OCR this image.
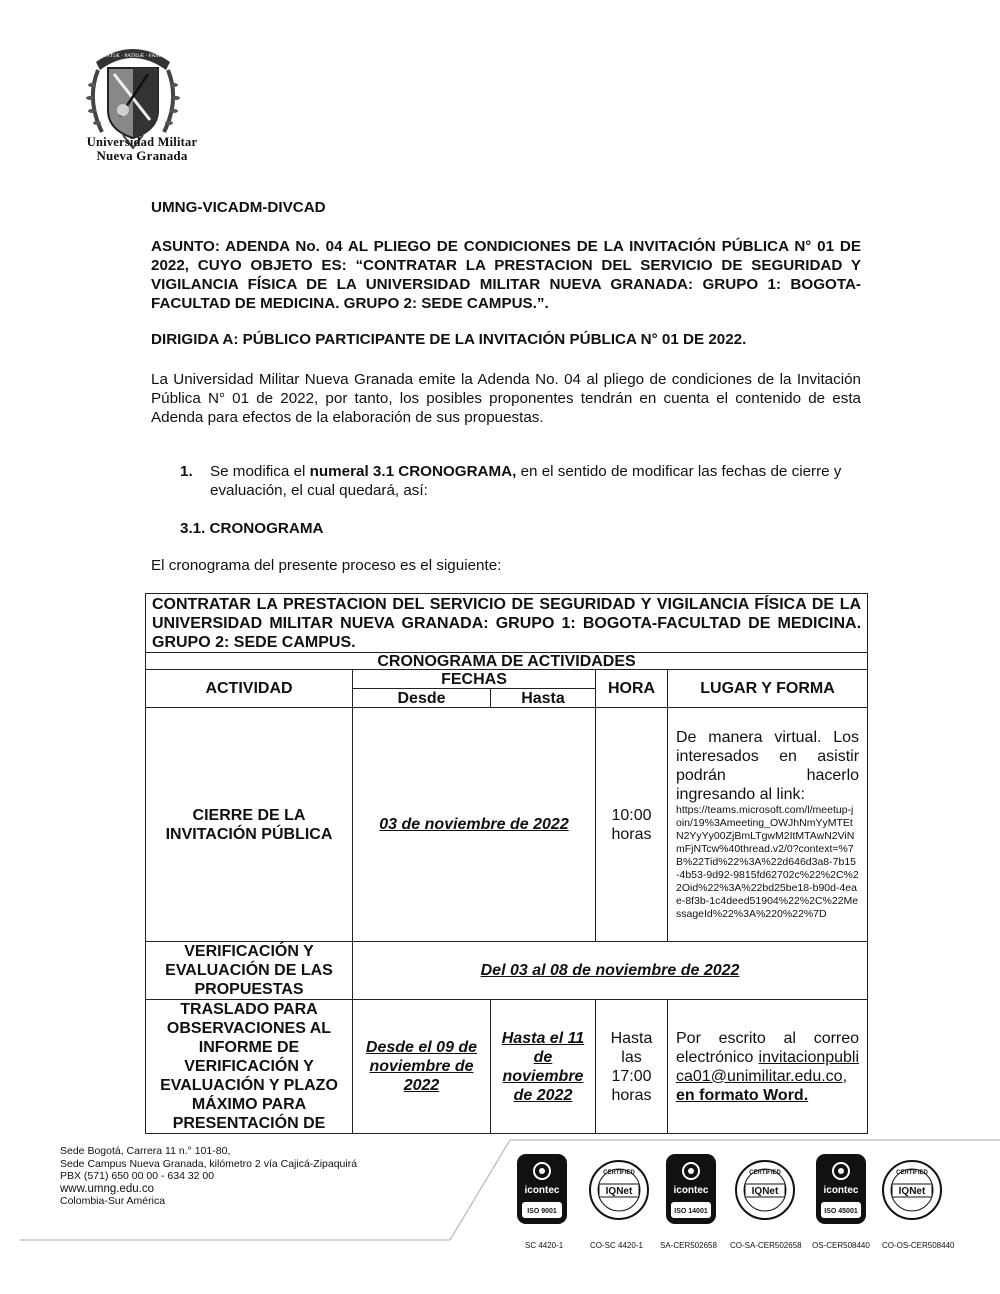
SCIENTIÆ · PATRIÆ · FAMILIÆ
Universidad Militar
Nueva Granada
UMNG-VICADM-DIVCAD
ASUNTO: ADENDA No. 04 AL PLIEGO DE CONDICIONES DE LA INVITACIÓN PÚBLICA N° 01 DE 2022, CUYO OBJETO ES: “CONTRATAR LA PRESTACION DEL SERVICIO DE SEGURIDAD Y VIGILANCIA FÍSICA DE LA UNIVERSIDAD MILITAR NUEVA GRANADA: GRUPO 1: BOGOTA-FACULTAD DE MEDICINA. GRUPO 2: SEDE CAMPUS.”.
DIRIGIDA A: PÚBLICO PARTICIPANTE DE LA INVITACIÓN PÚBLICA N° 01 DE 2022.
La Universidad Militar Nueva Granada emite la Adenda No. 04 al pliego de condiciones de la Invitación Pública N° 01 de 2022, por tanto, los posibles proponentes tendrán en cuenta el contenido de esta Adenda para efectos de la elaboración de sus propuestas.
1. Se modifica el numeral 3.1 CRONOGRAMA, en el sentido de modificar las fechas de cierre y evaluación, el cual quedará, así:
3.1. CRONOGRAMA
El cronograma del presente proceso es el siguiente:
CONTRATAR LA PRESTACION DEL SERVICIO DE SEGURIDAD Y VIGILANCIA FÍSICA DE LA UNIVERSIDAD MILITAR NUEVA GRANADA: GRUPO 1: BOGOTA-FACULTAD DE MEDICINA. GRUPO 2: SEDE CAMPUS.				
CRONOGRAMA DE ACTIVIDADES				
ACTIVIDAD	FECHAS		HORA	LUGAR Y FORMA
	Desde	Hasta		
CIERRE DE LA INVITACIÓN PÚBLICA	03 de noviembre de 2022		10:00 horas	De manera virtual. Los interesados en asistir podrán hacerlo ingresando al link:
https://teams.microsoft.com/l/meetup-join/19%3Ameeting_OWJhNmYyMTEtN2YyYy00ZjBmLTgwM2ItMTAwN2ViNmFjNTcw%40thread.v2/0?context=%7B%22Tid%22%3A%22d646d3a8-7b15-4b53-9d92-9815fd62702c%22%2C%22Oid%22%3A%22bd25be18-b90d-4eae-8f3b-1c4deed51904%22%2C%22MessageId%22%3A%220%22%7D

VERIFICACIÓN Y EVALUACIÓN DE LAS PROPUESTAS	Del 03 al 08 de noviembre de 2022			
TRASLADO PARA OBSERVACIONES AL INFORME DE VERIFICACIÓN Y EVALUACIÓN Y PLAZO MÁXIMO PARA PRESENTACIÓN DE	Desde el 09 de noviembre de 2022	Hasta el 11 de noviembre de 2022	Hasta las 17:00 horas	Por escrito al correo electrónico invitacionpublica01@unimilitar.edu.co, en formato Word.
Sede Bogotá, Carrera 11 n.° 101-80,
Sede Campus Nueva Granada, kilómetro 2 vía Cajicá-Zipaquirá
PBX (571) 650 00 00 - 634 32 00
www.umng.edu.co
Colombia-Sur América
icontec
ISO 9001
SC 4420-1
IQNet
CERTIFIED
CO-SC 4420-1
icontec
ISO 14001
SA-CER502658
IQNet
CERTIFIED
CO-SA-CER502658
icontec
ISO 45001
OS-CER508440
IQNet
CERTIFIED
CO-OS-CER508440
